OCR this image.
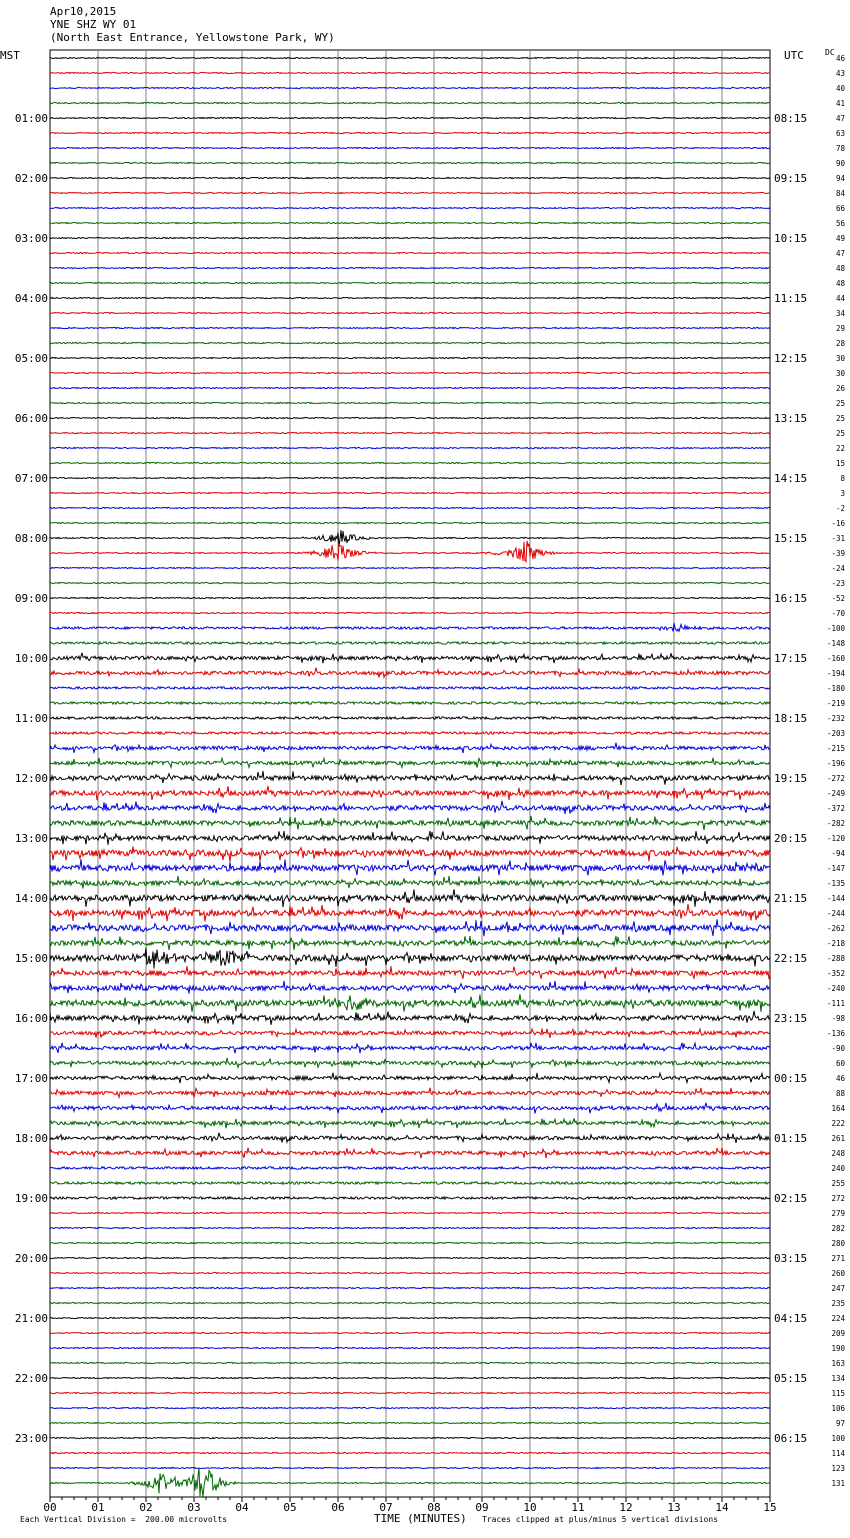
Apr10,2015
YNE SHZ WY 01
(North East Entrance, Yellowstone Park, WY)
MST	UTC	DC
46
43
40
41
47
63
78
90
94
84
66
56
49
47
48
48
44
34
29
28
30
30
26
25
25
25
22
15
8
3
-2
-16
-31
-39
-24
-23
-52
-70
-100
-148
-160
-194
-180
-219
-232
-203
-215
-196
-272
-249
-372
-282
-120
-94
-147
-135
-144
-244
-262
-218
-288
-352
-240
-111
-98
-136
-90
60
46
88
164
222
261
248
240
255
272
279
282
280
271
260
247
235
224
209
190
163
134
115
106
97
100
114
123
131
01:00	08:15
02:00	09:15
03:00	10:15
04:00	11:15
05:00	12:15
06:00	13:15
07:00	14:15
08:00	15:15
09:00	16:15
10:00	17:15
11:00	18:15
12:00	19:15
13:00	20:15
14:00	21:15
15:00	22:15
16:00	23:15
17:00	00:15
18:00	01:15
19:00	02:15
20:00	03:15
21:00	04:15
22:00	05:15
23:00	06:15
00	01	02	03	04	05	06	07	08	09	10	11	12	13	14	15
Each Vertical Division =  200.00 microvolts	TIME (MINUTES) Traces clipped at plus/minus 5 vertical divisions
